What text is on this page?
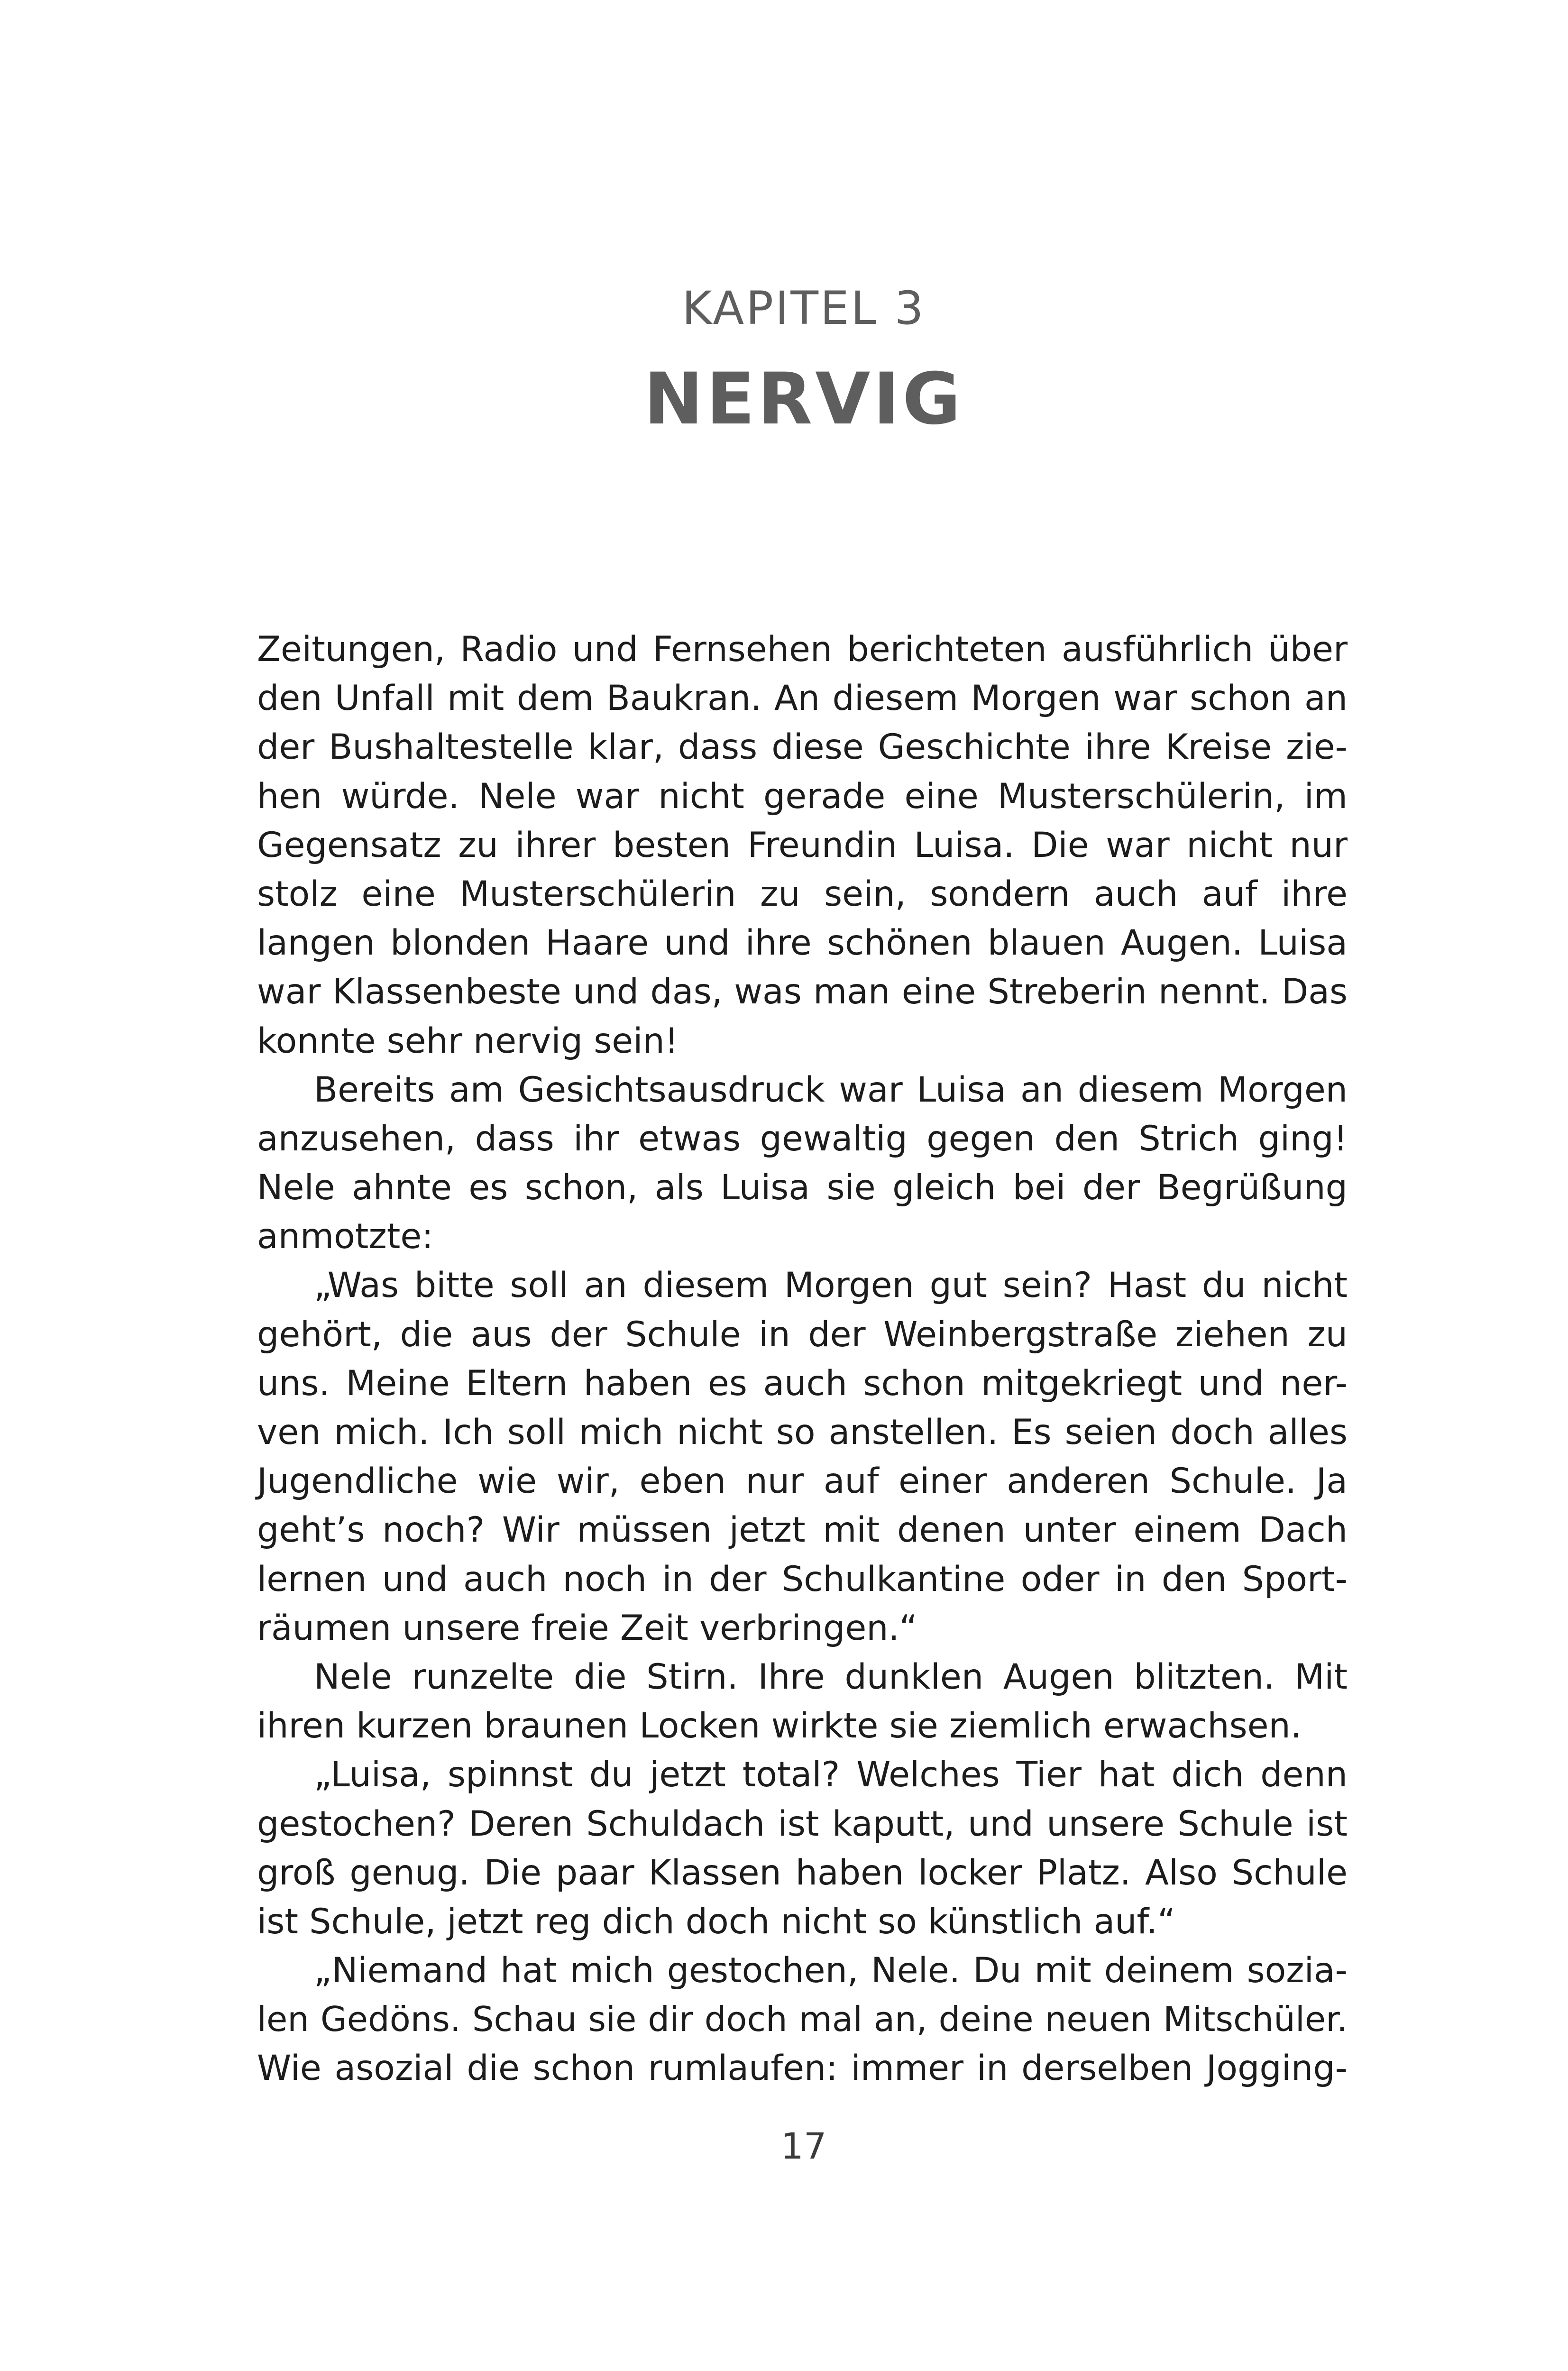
KAPITEL 3
NERVIG
Zeitungen, Radio und Fernsehen berichteten ausführlich über
den Unfall mit dem Baukran. An diesem Morgen war schon an
der Bushaltestelle klar, dass diese Geschichte ihre Kreise zie-
hen würde. Nele war nicht gerade eine Musterschülerin, im
Gegensatz zu ihrer besten Freundin Luisa. Die war nicht nur
stolz eine Musterschülerin zu sein, sondern auch auf ihre
langen blonden Haare und ihre schönen blauen Augen. Luisa
war Klassenbeste und das, was man eine Streberin nennt. Das
konnte sehr nervig sein!
Bereits am Gesichtsausdruck war Luisa an diesem Morgen
anzusehen, dass ihr etwas gewaltig gegen den Strich ging!
Nele ahnte es schon, als Luisa sie gleich bei der Begrüßung
anmotzte:
„Was bitte soll an diesem Morgen gut sein? Hast du nicht
gehört, die aus der Schule in der Weinbergstraße ziehen zu
uns. Meine Eltern haben es auch schon mitgekriegt und ner-
ven mich. Ich soll mich nicht so anstellen. Es seien doch alles
Jugendliche wie wir, eben nur auf einer anderen Schule. Ja
geht’s noch? Wir müssen jetzt mit denen unter einem Dach
lernen und auch noch in der Schulkantine oder in den Sport-
räumen unsere freie Zeit verbringen.“
Nele runzelte die Stirn. Ihre dunklen Augen blitzten. Mit
ihren kurzen braunen Locken wirkte sie ziemlich erwachsen.
„Luisa, spinnst du jetzt total? Welches Tier hat dich denn
gestochen? Deren Schuldach ist kaputt, und unsere Schule ist
groß genug. Die paar Klassen haben locker Platz. Also Schule
ist Schule, jetzt reg dich doch nicht so künstlich auf.“
„Niemand hat mich gestochen, Nele. Du mit deinem sozia-
len Gedöns. Schau sie dir doch mal an, deine neuen Mitschüler.
Wie asozial die schon rumlaufen: immer in derselben Jogging-
17
